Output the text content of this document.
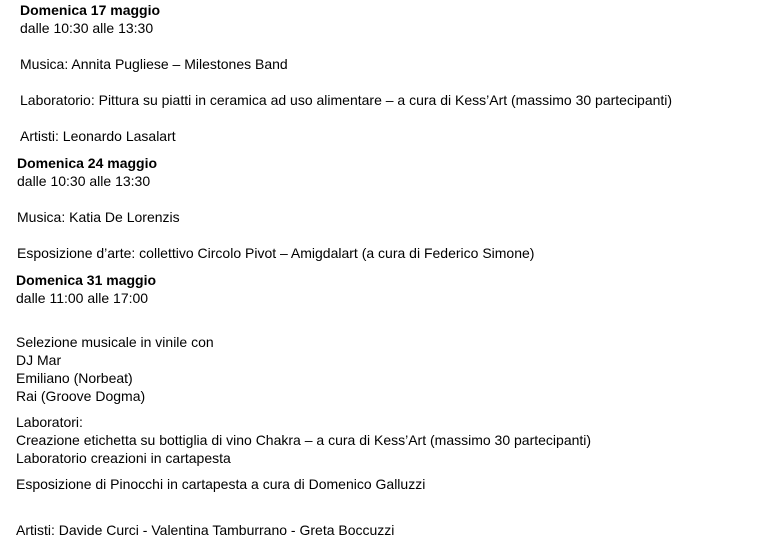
Domenica 17 maggio
dalle 10:30 alle 13:30
Musica: Annita Pugliese – Milestones Band
Laboratorio: Pittura su piatti in ceramica ad uso alimentare – a cura di Kess’Art (massimo 30 partecipanti)
Artisti: Leonardo Lasalart
Domenica 24 maggio
dalle 10:30 alle 13:30
Musica: Katia De Lorenzis
Esposizione d’arte: collettivo Circolo Pivot – Amigdalart (a cura di Federico Simone)
Domenica 31 maggio
dalle 11:00 alle 17:00
Selezione musicale in vinile con
DJ Mar
Emiliano (Norbeat)
Rai (Groove Dogma)
Laboratori:
Creazione etichetta su bottiglia di vino Chakra – a cura di Kess’Art (massimo 30 partecipanti)
Laboratorio creazioni in cartapesta
Esposizione di Pinocchi in cartapesta a cura di Domenico Galluzzi
Artisti: Davide Curci - Valentina Tamburrano - Greta Boccuzzi
